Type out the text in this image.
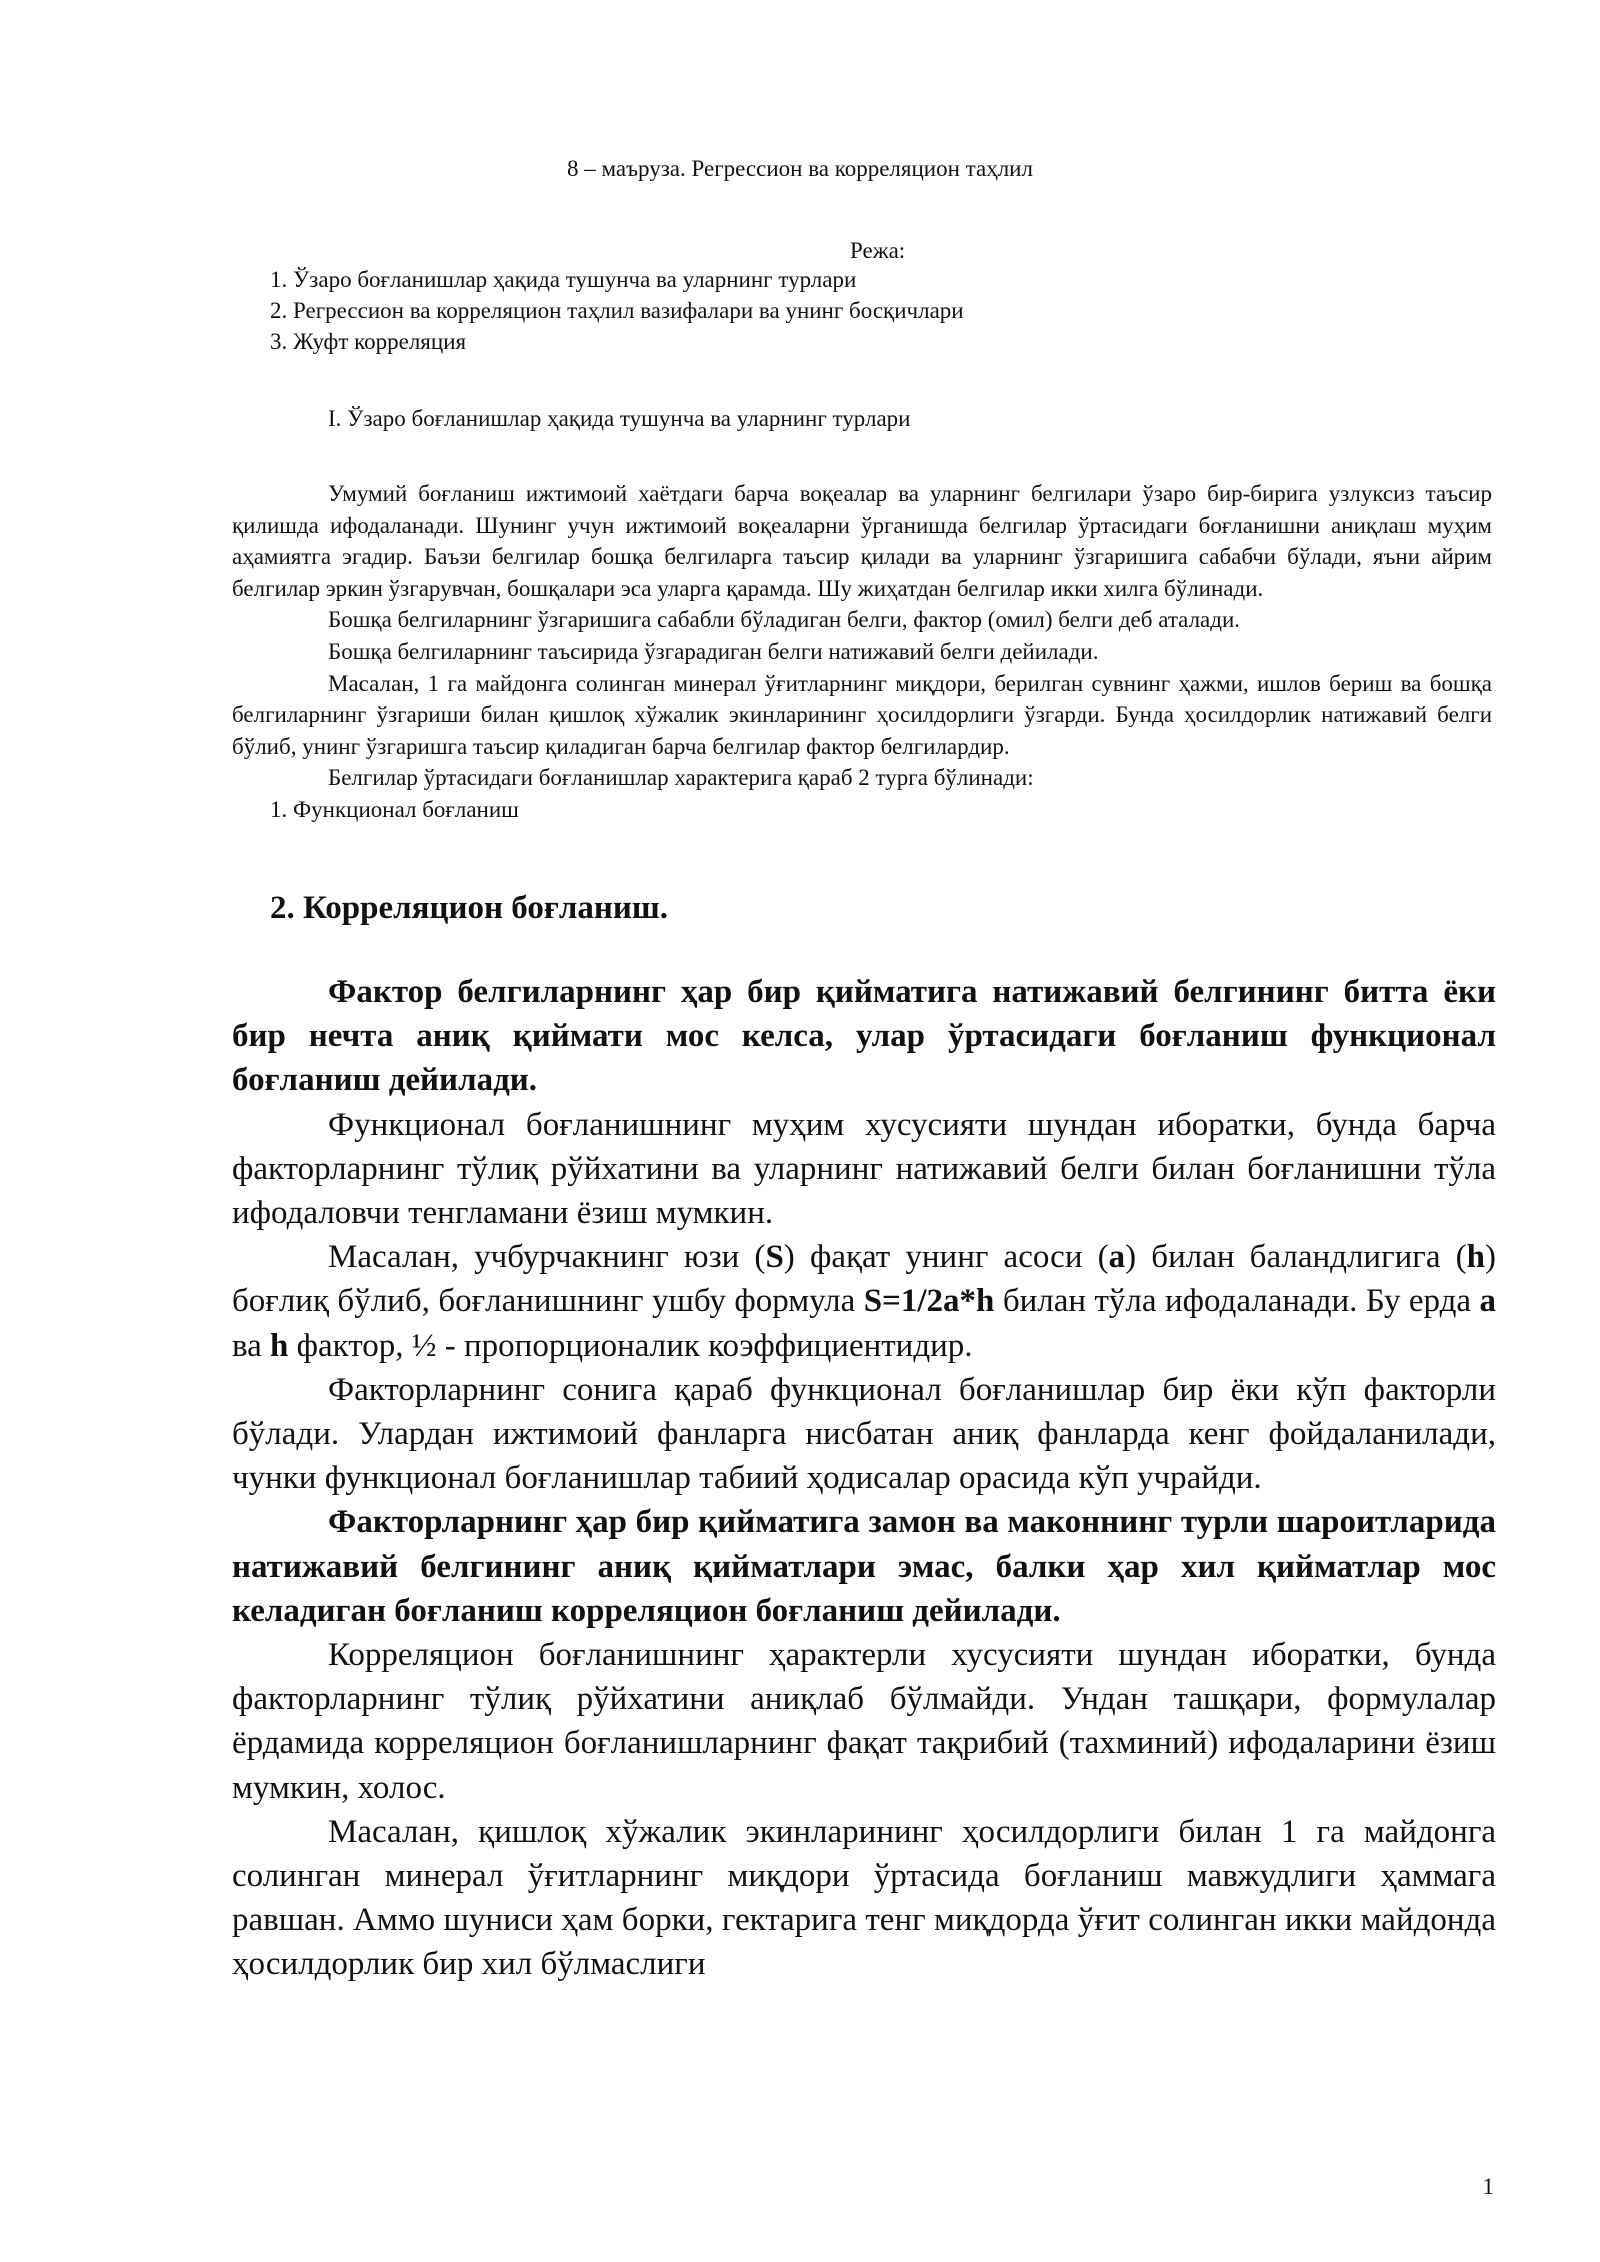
8 – маъруза. Регрессион ва корреляцион таҳлил
Режа:
1. Ўзаро боғланишлар ҳақида тушунча ва уларнинг турлари
2. Регрессион ва корреляцион таҳлил вазифалари ва унинг босқичлари
3. Жуфт корреляция
I. Ўзаро боғланишлар ҳақида тушунча ва уларнинг турлари

Умумий боғланиш ижтимоий хаётдаги барча воқеалар ва уларнинг белгилари ўзаро бир-бирига узлуксиз таъсир қилишда ифодаланади. Шунинг учун ижтимоий воқеаларни ўрганишда белгилар ўртасидаги боғланишни аниқлаш муҳим аҳамиятга эгадир. Баъзи белгилар бошқа белгиларга таъсир қилади ва уларнинг ўзгаришига сабабчи бўлади, яъни айрим белгилар эркин ўзгарувчан, бошқалари эса уларга қарамда. Шу жиҳатдан белгилар икки хилга бўлинади.

Бошқа белгиларнинг ўзгаришига сабабли бўладиган белги, фактор (омил) белги деб аталади.

Бошқа белгиларнинг таъсирида ўзгарадиган белги натижавий белги дейилади.

Масалан, 1 га майдонга солинган минерал ўғитларнинг миқдори, берилган сувнинг ҳажми, ишлов бериш ва бошқа белгиларнинг ўзгариши билан қишлоқ хўжалик экинларининг ҳосилдорлиги ўзгарди. Бунда ҳосилдорлик натижавий белги бўлиб, унинг ўзгаришга таъсир қиладиган барча белгилар фактор белгилардир.

Белгилар ўртасидаги боғланишлар характерига қараб 2 турга бўлинади:

1. Функционал боғланиш

2. Корреляцион боғланиш.

Фактор белгиларнинг ҳар бир қийматига натижавий белгининг битта ёки бир нечта аниқ қиймати мос келса, улар ўртасидаги боғланиш функционал боғланиш дейилади.

Функционал боғланишнинг муҳим хусусияти шундан иборатки, бунда барча факторларнинг тўлиқ рўйхатини ва уларнинг натижавий белги билан боғланишни тўла ифодаловчи тенгламани ёзиш мумкин.

Масалан, учбурчакнинг юзи (S) фақат унинг асоси (a) билан баландлигига (h) боғлиқ бўлиб, боғланишнинг ушбу формула S=1/2a*h билан тўла ифодаланади. Бу ерда a ва h фактор, ½ - пропорционалик коэффициентидир.

Факторларнинг сонига қараб функционал боғланишлар бир ёки кўп факторли бўлади. Улардан ижтимоий фанларга нисбатан аниқ фанларда кенг фойдаланилади, чунки функционал боғланишлар табиий ҳодисалар орасида кўп учрайди.

Факторларнинг ҳар бир қийматига замон ва маконнинг турли шароитларида натижавий белгининг аниқ қийматлари эмас, балки ҳар хил қийматлар мос келадиган боғланиш корреляцион боғланиш дейилади.

Корреляцион боғланишнинг ҳарактерли хусусияти шундан иборатки, бунда факторларнинг тўлиқ рўйхатини аниқлаб бўлмайди. Ундан ташқари, формулалар ёрдамида корреляцион боғланишларнинг фақат тақрибий (тахминий) ифодаларини ёзиш мумкин, холос.

Масалан, қишлоқ хўжалик экинларининг ҳосилдорлиги билан 1 га майдонга солинган минерал ўғитларнинг миқдори ўртасида боғланиш мавжудлиги ҳаммага равшан. Аммо шуниси ҳам борки, гектарига тенг миқдорда ўғит солинган икки майдонда ҳосилдорлик бир хил бўлмаслиги

1
